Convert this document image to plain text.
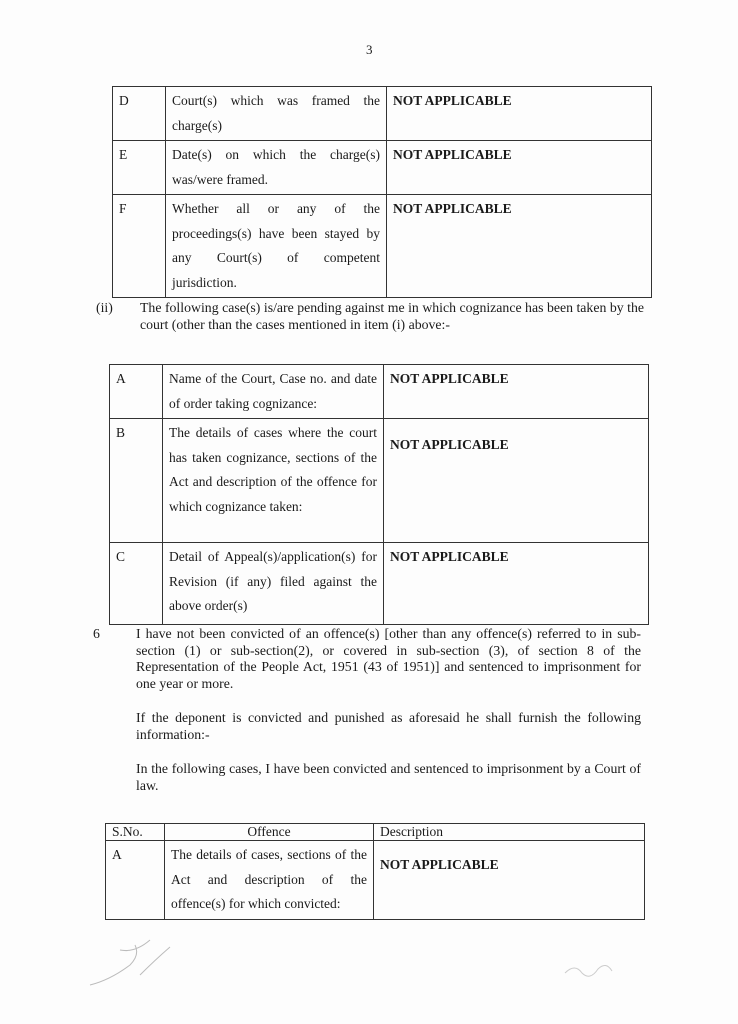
3
D	Court(s) which was framed the charge(s)	NOT APPLICABLE
E	Date(s) on which the charge(s) was/were framed.	NOT APPLICABLE
F	Whether all or any of the proceedings(s) have been stayed by any Court(s) of competent jurisdiction.	NOT APPLICABLE
(ii) The following case(s) is/are pending against me in which cognizance has been taken by the court (other than the cases mentioned in item (i) above:-
A	Name of the Court, Case no. and date of order taking cognizance:	NOT APPLICABLE
B	The details of cases where the court has taken cognizance, sections of the Act and description of the offence for which cognizance taken:	NOT APPLICABLE
C	Detail of Appeal(s)/application(s) for Revision (if any) filed against the above order(s)	NOT APPLICABLE
6	I have not been convicted of an offence(s) [other than any offence(s) referred to in sub-section (1) or sub-section(2), or covered in sub-section (3), of section 8 of the Representation of the People Act, 1951 (43 of 1951)] and sentenced to imprisonment for one year or more.
If the deponent is convicted and punished as aforesaid he shall furnish the following information:-
In the following cases, I have been convicted and sentenced to imprisonment by a Court of law.
S.No.	Offence	Description
A	The details of cases, sections of the Act and description of the offence(s) for which convicted:	NOT APPLICABLE
